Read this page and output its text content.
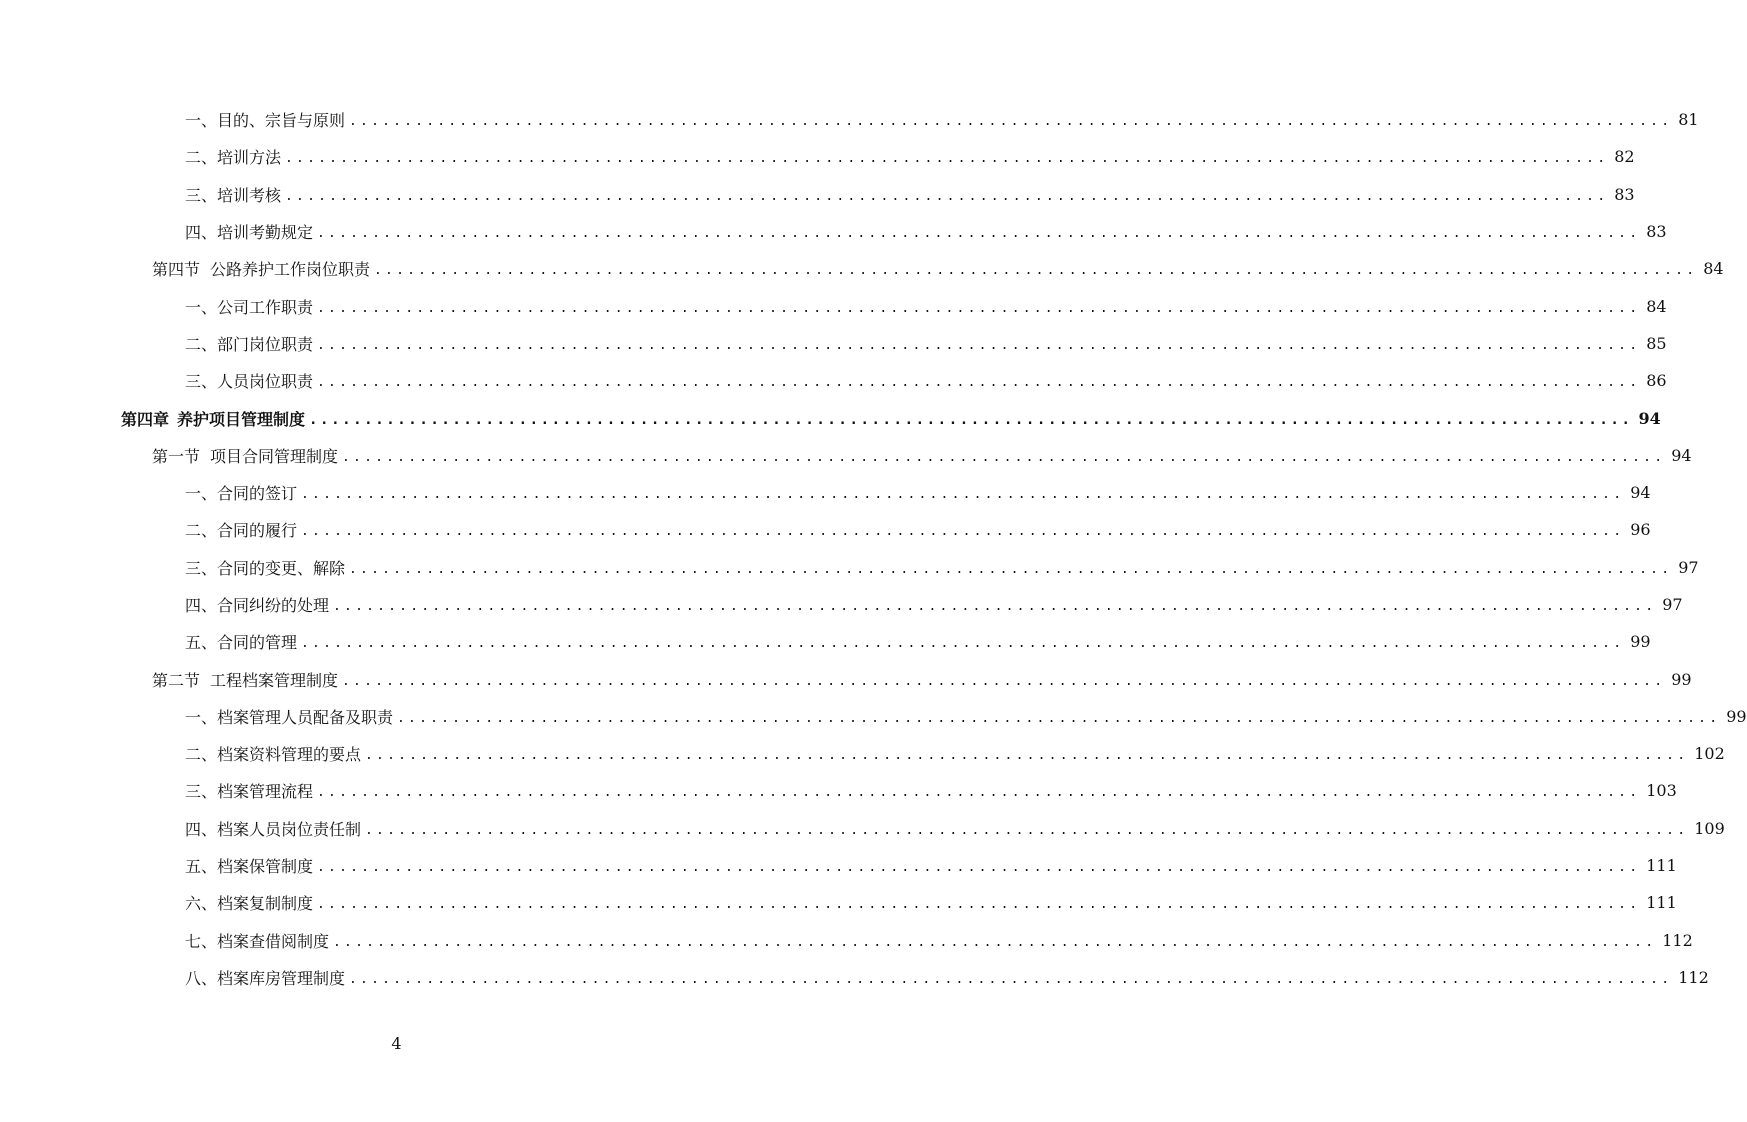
一、目的、宗旨与原则 ........................................................................................................................ 81
二、培训方法 ........................................................................................................................ 82
三、培训考核 ........................................................................................................................ 83
四、培训考勤规定 ........................................................................................................................ 83
第四节 公路养护工作岗位职责 ........................................................................................................................ 84
一、公司工作职责 ........................................................................................................................ 84
二、部门岗位职责 ........................................................................................................................ 85
三、人员岗位职责 ........................................................................................................................ 86
第四章 养护项目管理制度 ........................................................................................................................ 94
第一节 项目合同管理制度 ........................................................................................................................ 94
一、合同的签订 ........................................................................................................................ 94
二、合同的履行 ........................................................................................................................ 96
三、合同的变更、解除 ........................................................................................................................ 97
四、合同纠纷的处理 ........................................................................................................................ 97
五、合同的管理 ........................................................................................................................ 99
第二节 工程档案管理制度 ........................................................................................................................ 99
一、档案管理人员配备及职责 ........................................................................................................................ 99
二、档案资料管理的要点 ........................................................................................................................ 102
三、档案管理流程 ........................................................................................................................ 103
四、档案人员岗位责任制 ........................................................................................................................ 109
五、档案保管制度 ........................................................................................................................ 111
六、档案复制制度 ........................................................................................................................ 111
七、档案查借阅制度 ........................................................................................................................ 112
八、档案库房管理制度 ........................................................................................................................ 112
4
